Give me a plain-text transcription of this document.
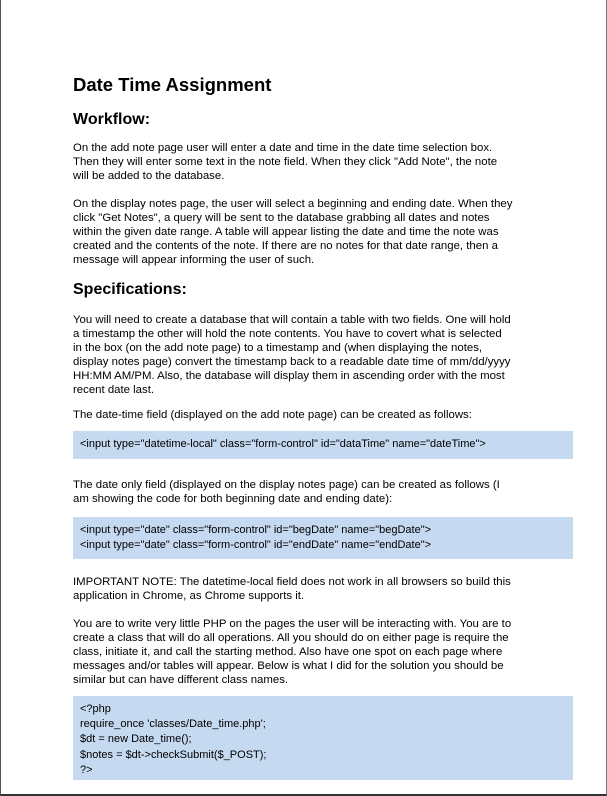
Date Time Assignment
Workflow:
On the add note page user will enter a date and time in the date time selection box.
Then they will enter some text in the note field. When they click "Add Note", the note
will be added to the database.
On the display notes page, the user will select a beginning and ending date. When they
click "Get Notes", a query will be sent to the database grabbing all dates and notes
within the given date range. A table will appear listing the date and time the note was
created and the contents of the note. If there are no notes for that date range, then a
message will appear informing the user of such.
Specifications:
You will need to create a database that will contain a table with two fields. One will hold
a timestamp the other will hold the note contents. You have to covert what is selected
in the box (on the add note page) to a timestamp and (when displaying the notes,
display notes page) convert the timestamp back to a readable date time of mm/dd/yyyy
HH:MM AM/PM. Also, the database will display them in ascending order with the most
recent date last.
The date-time field (displayed on the add note page) can be created as follows:
<input type="datetime-local" class="form-control" id="dataTime" name="dateTime">
The date only field (displayed on the display notes page) can be created as follows (I
am showing the code for both beginning date and ending date):
<input type="date" class="form-control" id="begDate" name="begDate">
<input type="date" class="form-control" id="endDate" name="endDate">
IMPORTANT NOTE: The datetime-local field does not work in all browsers so build this
application in Chrome, as Chrome supports it.
You are to write very little PHP on the pages the user will be interacting with. You are to
create a class that will do all operations. All you should do on either page is require the
class, initiate it, and call the starting method. Also have one spot on each page where
messages and/or tables will appear. Below is what I did for the solution you should be
similar but can have different class names.
<?php
require_once 'classes/Date_time.php';
$dt = new Date_time();
$notes = $dt->checkSubmit($_POST);
?>
